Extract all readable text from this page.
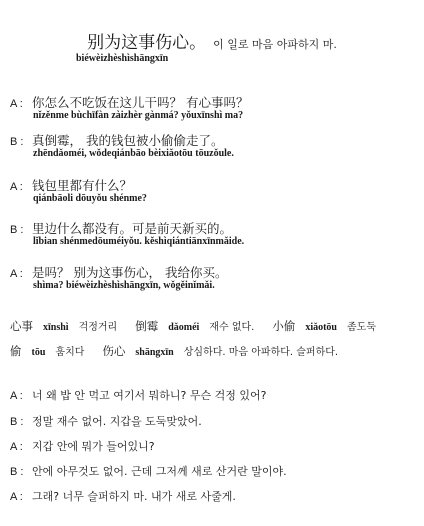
别为这事伤心。 이 일로 마음 아파하지 마.
biéwèizhèshìshāngxīn
A : 你怎么不吃饭在这儿干吗？ 有心事吗？
nǐzěnme bùchīfàn zàizhèr gànmá? yǒuxīnshì ma?
B : 真倒霉， 我的钱包被小偷偷走了。
zhēndǎoméi, wǒdeqiánbāo bèixiǎotōu tōuzǒule.
A : 钱包里都有什么？
qiánbāoli dōuyǒu shénme?
B : 里边什么都没有。可是前天新买的。
lǐbian shénmedōuméiyǒu. kěshìqiántiānxīnmǎide.
A : 是吗？ 别为这事伤心， 我给你买。
shìma? biéwèizhèshìshāngxīn, wǒgěinǐmǎi.
心事 xīnshì 걱정거리 倒霉 dǎoméi 재수 없다. 小偷 xiǎotōu 좀도둑
偷 tōu 훔치다 伤心 shāngxīn 상심하다. 마음 아파하다. 슬퍼하다.
A : 너 왜 밥 안 먹고 여기서 뭐하니? 무슨 걱정 있어?
B : 정말 재수 없어. 지갑을 도둑맞았어.
A : 지갑 안에 뭐가 들어있니?
B : 안에 아무것도 없어. 근데 그저께 새로 산거란 말이야.
A : 그래? 너무 슬퍼하지 마. 내가 새로 사줄게.
